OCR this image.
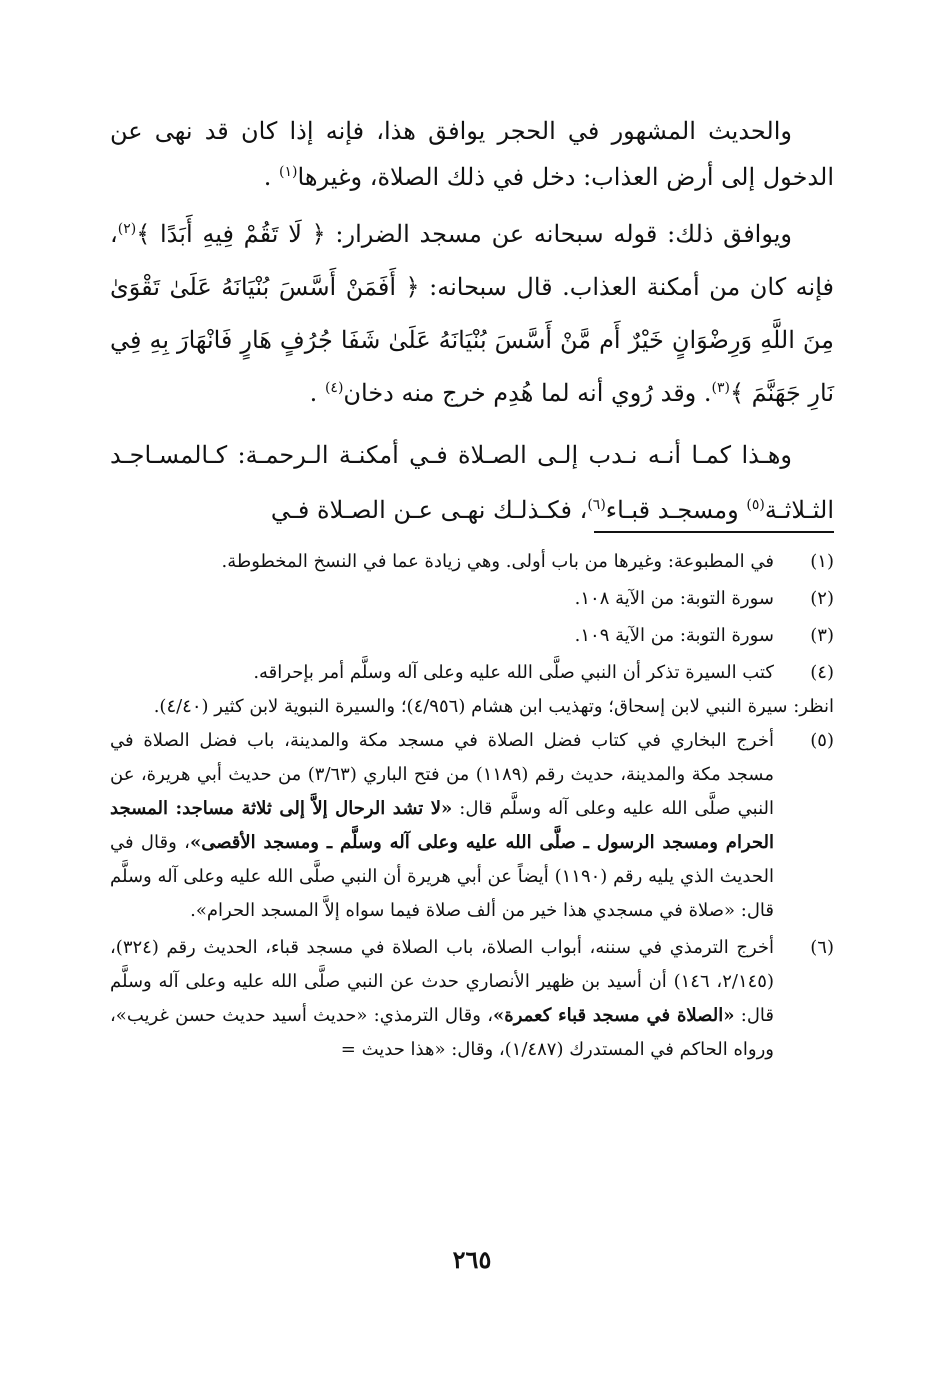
والحديث المشهور في الحجر يوافق هذا، فإنه إذا كان قد نهى عن الدخول إلى أرض العذاب: دخل في ذلك الصلاة، وغيرها$^{(١)}$ .

ويوافق ذلك: قوله سبحانه عن مسجد الضرار: ﴿ لَا تَقُمْ فِيهِ أَبَدًا ﴾$^{(٢)}$، فإنه كان من أمكنة العذاب. قال سبحانه: ﴿ أَفَمَنْ أَسَّسَ بُنْيَانَهُ عَلَىٰ تَقْوَىٰ مِنَ اللَّهِ وَرِضْوَانٍ خَيْرٌ أَم مَّنْ أَسَّسَ بُنْيَانَهُ عَلَىٰ شَفَا جُرُفٍ هَارٍ فَانْهَارَ بِهِ فِي نَارِ جَهَنَّمَ ﴾$^{(٣)}$. وقد رُوي أنه لما هُدِم خرج منه دخان$^{(٤)}$ .

وهـذا كمـا أنـه نـدب إلـى الصـلاة فـي أمكنـة الـرحمـة: كـالمسـاجـد الثـلاثـة$^{(٥)}$ ومسجـد قبـاء$^{(٦)}$، فكـذلـك نهـى عـن الصـلاة فـي

(١)
في المطبوعة: وغيرها من باب أولى. وهي زيادة عما في النسخ المخطوطة.
(٢)
سورة التوبة: من الآية ١٠٨.
(٣)
سورة التوبة: من الآية ١٠٩.
(٤)
كتب السيرة تذكر أن النبي صلَّى الله عليه وعلى آله وسلَّم أمر بإحراقه.

انظر: سيرة النبي لابن إسحاق؛ وتهذيب ابن هشام (٤/٩٥٦)؛ والسيرة النبوية لابن كثير (٤/٤٠).

(٥)
أخرج البخاري في كتاب فضل الصلاة في مسجد مكة والمدينة، باب فضل الصلاة في مسجد مكة والمدينة، حديث رقم (١١٨٩) من فتح الباري (٣/٦٣) من حديث أبي هريرة، عن النبي صلَّى الله عليه وعلى آله وسلَّم قال: «لا تشد الرحال إلاَّ إلى ثلاثة مساجد: المسجد الحرام ومسجد الرسول ـ صلَّى الله عليه وعلى آله وسلَّم ـ ومسجد الأقصى»، وقال في الحديث الذي يليه رقم (١١٩٠) أيضاً عن أبي هريرة أن النبي صلَّى الله عليه وعلى آله وسلَّم قال: «صلاة في مسجدي هذا خير من ألف صلاة فيما سواه إلاَّ المسجد الحرام».
(٦)
أخرج الترمذي في سننه، أبواب الصلاة، باب الصلاة في مسجد قباء، الحديث رقم (٣٢٤)، (٢/١٤٥، ١٤٦) أن أسيد بن ظهير الأنصاري حدث عن النبي صلَّى الله عليه وعلى آله وسلَّم قال: «الصلاة في مسجد قباء كعمرة»، وقال الترمذي: «حديث أسيد حديث حسن غريب»، ورواه الحاكم في المستدرك (١/٤٨٧)، وقال: «هذا حديث =
٢٦٥
